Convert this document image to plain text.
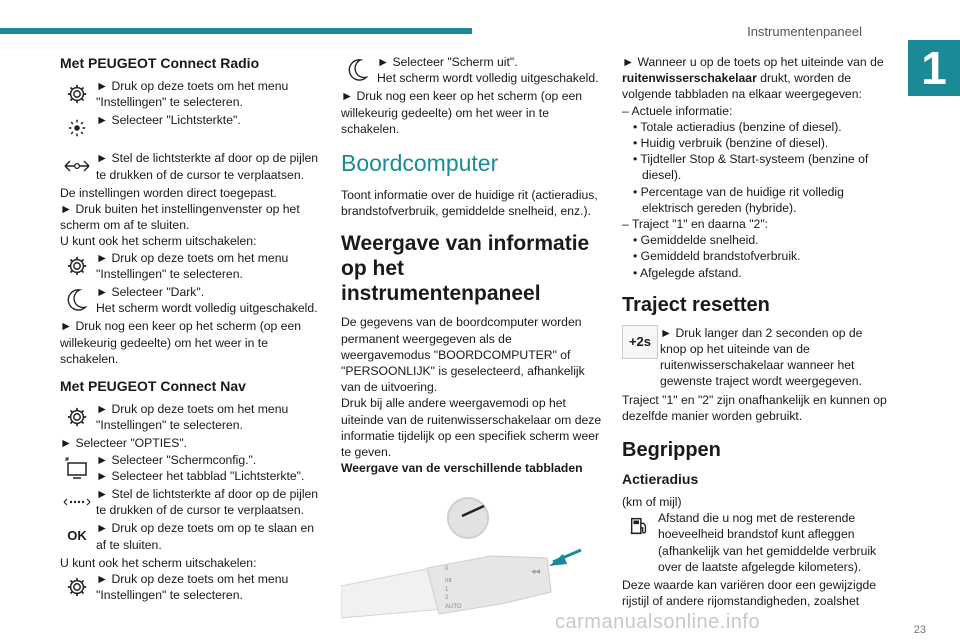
Instrumentenpaneel
1
Met PEUGEOT Connect Radio
► Druk op deze toets om het menu "Instellingen" te selecteren.
► Selecteer "Lichtsterkte".
► Stel de lichtsterkte af door op de pijlen te drukken of de cursor te verplaatsen.

De instellingen worden direct toegepast.

► Druk buiten het instellingenvenster op het scherm om af te sluiten.

U kunt ook het scherm uitschakelen:

► Druk op deze toets om het menu "Instellingen" te selecteren.
► Selecteer "Dark".
Het scherm wordt volledig uitgeschakeld.

► Druk nog een keer op het scherm (op een willekeurig gedeelte) om het weer in te schakelen.

Met PEUGEOT Connect Nav
► Druk op deze toets om het menu "Instellingen" te selecteren.

► Selecteer "OPTIES".

► Selecteer "Schermconfig.".
► Selecteer het tabblad "Lichtsterkte".
► Stel de lichtsterkte af door op de pijlen te drukken of de cursor te verplaatsen.
OK ► Druk op deze toets om op te slaan en af te sluiten.

U kunt ook het scherm uitschakelen:

► Druk op deze toets om het menu "Instellingen" te selecteren.
► Selecteer "Scherm uit".
Het scherm wordt volledig uitgeschakeld.

► Druk nog een keer op het scherm (op een willekeurig gedeelte) om het weer in te schakelen.

Boordcomputer

Toont informatie over de huidige rit (actieradius, brandstofverbruik, gemiddelde snelheid, enz.).

Weergave van informatie op het instrumentenpaneel

De gegevens van de boordcomputer worden permanent weergegeven als de weergavemodus "BOORDCOMPUTER" of "PERSOONLIJK" is geselecteerd, afhankelijk van de uitvoering.

Druk bij alle andere weergavemodi op het uiteinde van de ruitenwisserschakelaar om deze informatie tijdelijk op een specifiek scherm weer te geven.

Weergave van de verschillende tabbladen

0
Int
1
2
AUTO
◂◂

► Wanneer u op de toets op het uiteinde van de ruitenwisserschakelaar drukt, worden de volgende tabbladen na elkaar weergegeven:

– Actuele informatie:
• Totale actieradius (benzine of diesel).
• Huidig verbruik (benzine of diesel).
• Tijdteller Stop & Start-systeem (benzine of diesel).
• Percentage van de huidige rit volledig elektrisch gereden (hybride).
– Traject "1" en daarna "2":
• Gemiddelde snelheid.
• Gemiddeld brandstofverbruik.
• Afgelegde afstand.
Traject resetten
+2s
► Druk langer dan 2 seconden op de knop op het uiteinde van de ruitenwisserschakelaar wanneer het gewenste traject wordt weergegeven.

Traject "1" en "2" zijn onafhankelijk en kunnen op dezelfde manier worden gebruikt.

Begrippen
Actieradius

(km of mijl)

Afstand die u nog met de resterende hoeveelheid brandstof kunt afleggen (afhankelijk van het gemiddelde verbruik over de laatste afgelegde kilometers).

Deze waarde kan variëren door een gewijzigde rijstijl of andere rijomstandigheden, zoalshet

carmanualsonline.info	23
